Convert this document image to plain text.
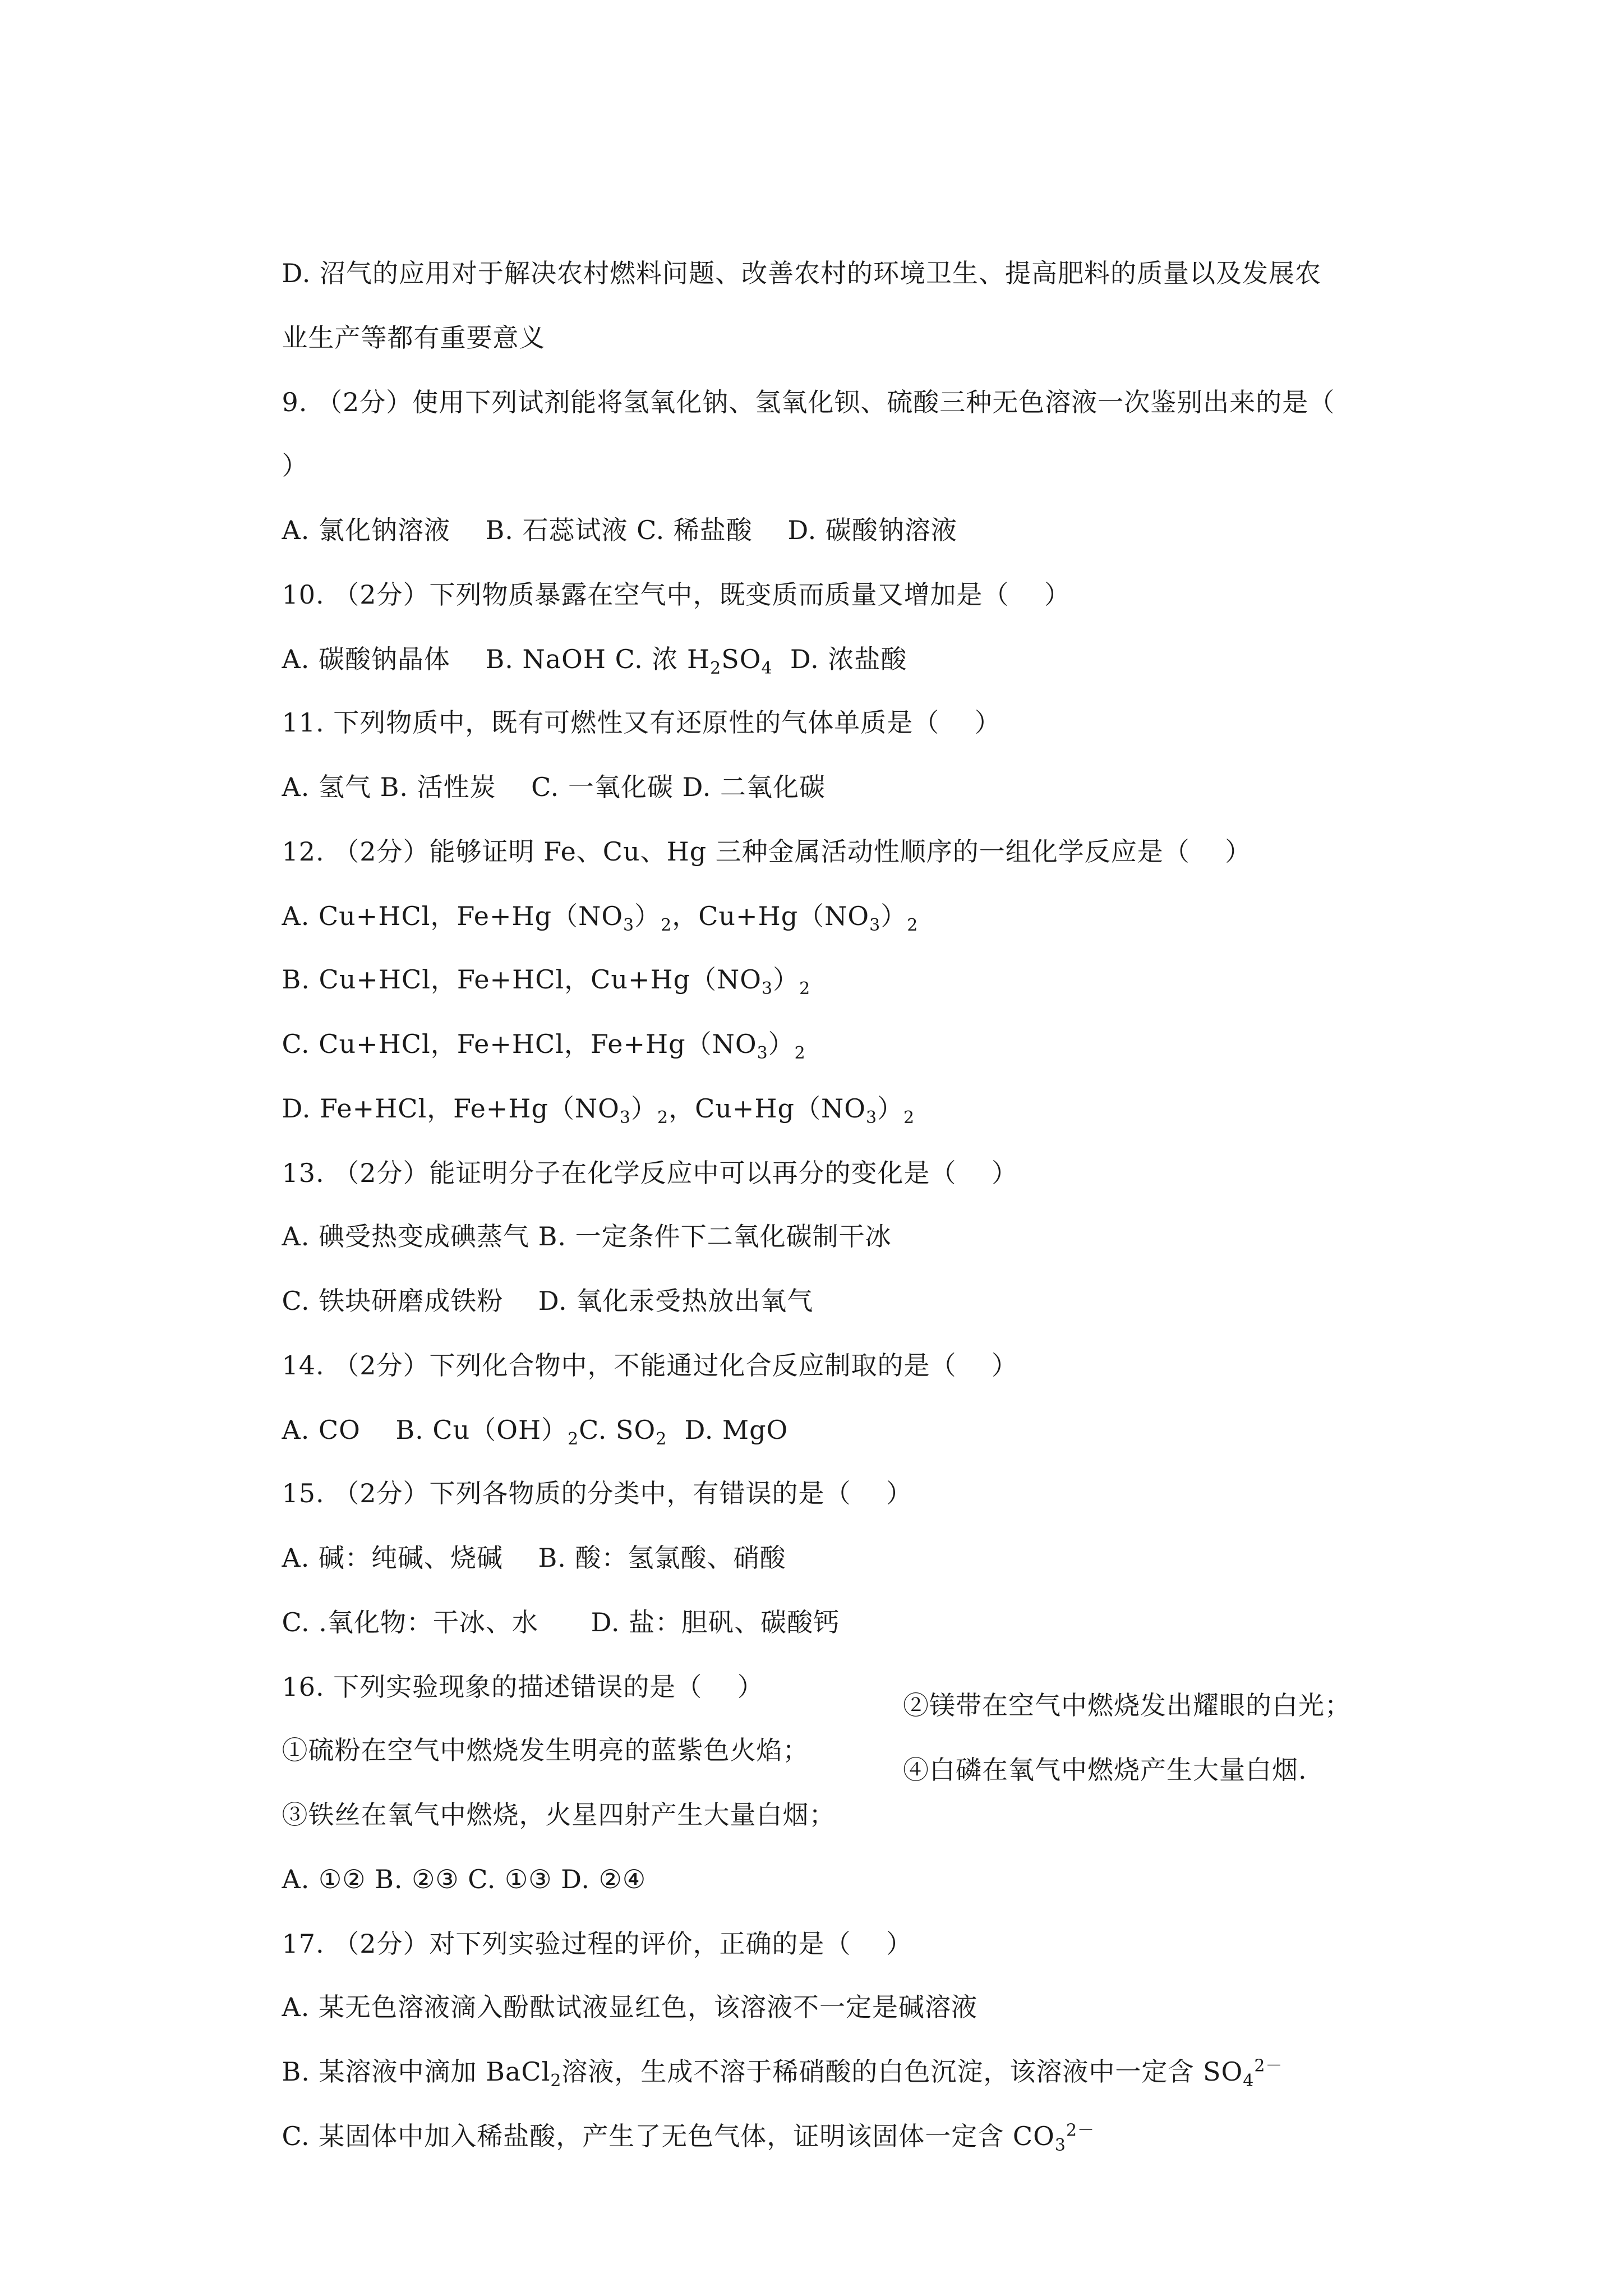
D. 沼气的应用对于解决农村燃料问题、改善农村的环境卫生、提高肥料的质量以及发展农

业生产等都有重要意义

9. （2分）使用下列试剂能将氢氧化钠、氢氧化钡、硫酸三种无色溶液一次鉴别出来的是（

）

A. 氯化钠溶液    B. 石蕊试液 C. 稀盐酸    D. 碳酸钠溶液

10. （2分）下列物质暴露在空气中，既变质而质量又增加是（    ）

A. 碳酸钠晶体    B. NaOH C. 浓 $H_2SO_4$  D. 浓盐酸

11. 下列物质中，既有可燃性又有还原性的气体单质是（    ）

A. 氢气 B. 活性炭    C. 一氧化碳 D. 二氧化碳

12. （2分）能够证明 Fe、Cu、Hg 三种金属活动性顺序的一组化学反应是（    ）

A. Cu+HCl，$Fe+Hg(NO_3)_2$，$Cu+Hg(NO_3)_2$

B. Cu+HCl，Fe+HCl，$Cu+Hg(NO_3)_2$

C. Cu+HCl，Fe+HCl，$Fe+Hg(NO_3)_2$

D. Fe+HCl，$Fe+Hg(NO_3)_2$，$Cu+Hg(NO_3)_2$

13. （2分）能证明分子在化学反应中可以再分的变化是（    ）

A. 碘受热变成碘蒸气 B. 一定条件下二氧化碳制干冰

C. 铁块研磨成铁粉    D. 氧化汞受热放出氧气

14. （2分）下列化合物中，不能通过化合反应制取的是（    ）

A. CO    B. $Cu(OH)_2C$. $SO_2$  D. MgO

15. （2分）下列各物质的分类中，有错误的是（    ）

A. 碱：纯碱、烧碱    B. 酸：氢氯酸、硝酸

C. .氧化物：干冰、水      D. 盐：胆矾、碳酸钙

16. 下列实验现象的描述错误的是（    ）

①硫粉在空气中燃烧发生明亮的蓝紫色火焰；

②镁带在空气中燃烧发出耀眼的白光；

③铁丝在氧气中燃烧，火星四射产生大量白烟；

④白磷在氧气中燃烧产生大量白烟.

A. ①② B. ②③ C. ①③ D. ②④

17. （2分）对下列实验过程的评价，正确的是（    ）

A. 某无色溶液滴入酚酞试液显红色，该溶液不一定是碱溶液

B. 某溶液中滴加 BaCl$_2$溶液，生成不溶于稀硝酸的白色沉淀，该溶液中一定含 $SO_4^{2-}$

C. 某固体中加入稀盐酸，产生了无色气体，证明该固体一定含 $CO_3^{2-}$
